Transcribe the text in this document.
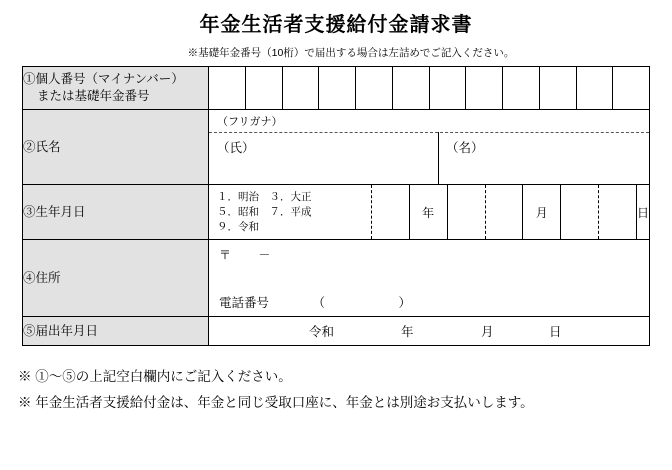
年金生活者支援給付金請求書
※基礎年金番号（10桁）で届出する場合は左詰めでご記入ください。
①個人番号（マイナンバー）
または基礎年金番号	

②氏名	（フリガナ）
（氏） （名）

③生年月日	
１．明治　３．大正
５．昭和　７．平成
９．令和
年	月	日

④住所	〒 －
電話番号 （ ）

⑤届出年月日	令和 年 月 日
※ ①～⑤の上記空白欄内にご記入ください。
※ 年金生活者支援給付金は、年金と同じ受取口座に、年金とは別途お支払いします。
